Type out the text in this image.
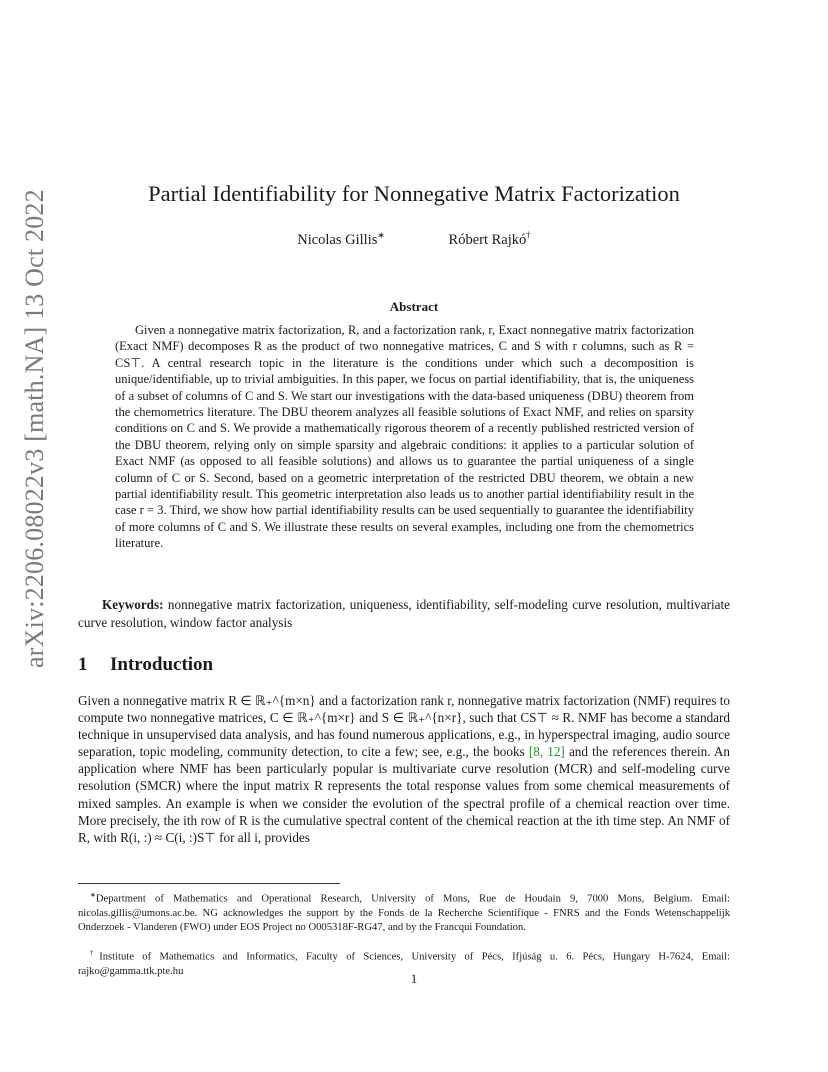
arXiv:2206.08022v3 [math.NA] 13 Oct 2022	Partial Identifiability for Nonnegative Matrix Factorization
Nicolas Gillis∗	Róbert Rajkó†
Abstract

Given a nonnegative matrix factorization, R, and a factorization rank, r, Exact nonnegative matrix factorization (Exact NMF) decomposes R as the product of two nonnegative matrices, C and S with r columns, such as R = CS⊤. A central research topic in the literature is the conditions under which such a decomposition is unique/identifiable, up to trivial ambiguities. In this paper, we focus on partial identifiability, that is, the uniqueness of a subset of columns of C and S. We start our investigations with the data-based uniqueness (DBU) theorem from the chemometrics literature. The DBU theorem analyzes all feasible solutions of Exact NMF, and relies on sparsity conditions on C and S. We provide a mathematically rigorous theorem of a recently published restricted version of the DBU theorem, relying only on simple sparsity and algebraic conditions: it applies to a particular solution of Exact NMF (as opposed to all feasible solutions) and allows us to guarantee the partial uniqueness of a single column of C or S. Second, based on a geometric interpretation of the restricted DBU theorem, we obtain a new partial identifiability result. This geometric interpretation also leads us to another partial identifiability result in the case r = 3. Third, we show how partial identifiability results can be used sequentially to guarantee the identifiability of more columns of C and S. We illustrate these results on several examples, including one from the chemometrics literature.

Keywords: nonnegative matrix factorization, uniqueness, identifiability, self-modeling curve resolution, multivariate curve resolution, window factor analysis

1 Introduction

Given a nonnegative matrix R ∈ ℝ₊^{m×n} and a factorization rank r, nonnegative matrix factorization (NMF) requires to compute two nonnegative matrices, C ∈ ℝ₊^{m×r} and S ∈ ℝ₊^{n×r}, such that CS⊤ ≈ R. NMF has become a standard technique in unsupervised data analysis, and has found numerous applications, e.g., in hyperspectral imaging, audio source separation, topic modeling, community detection, to cite a few; see, e.g., the books [8, 12] and the references therein. An application where NMF has been particularly popular is multivariate curve resolution (MCR) and self-modeling curve resolution (SMCR) where the input matrix R represents the total response values from some chemical measurements of mixed samples. An example is when we consider the evolution of the spectral profile of a chemical reaction over time. More precisely, the ith row of R is the cumulative spectral content of the chemical reaction at the ith time step. An NMF of R, with R(i, :) ≈ C(i, :)S⊤ for all i, provides

∗Department of Mathematics and Operational Research, University of Mons, Rue de Houdain 9, 7000 Mons, Belgium. Email: nicolas.gillis@umons.ac.be. NG acknowledges the support by the Fonds de la Recherche Scientifique - FNRS and the Fonds Wetenschappelijk Onderzoek - Vlanderen (FWO) under EOS Project no O005318F-RG47, and by the Francqui Foundation.

†Institute of Mathematics and Informatics, Faculty of Sciences, University of Pécs, Ifjúság u. 6. Pécs, Hungary H-7624, Email: rajko@gamma.ttk.pte.hu	1
